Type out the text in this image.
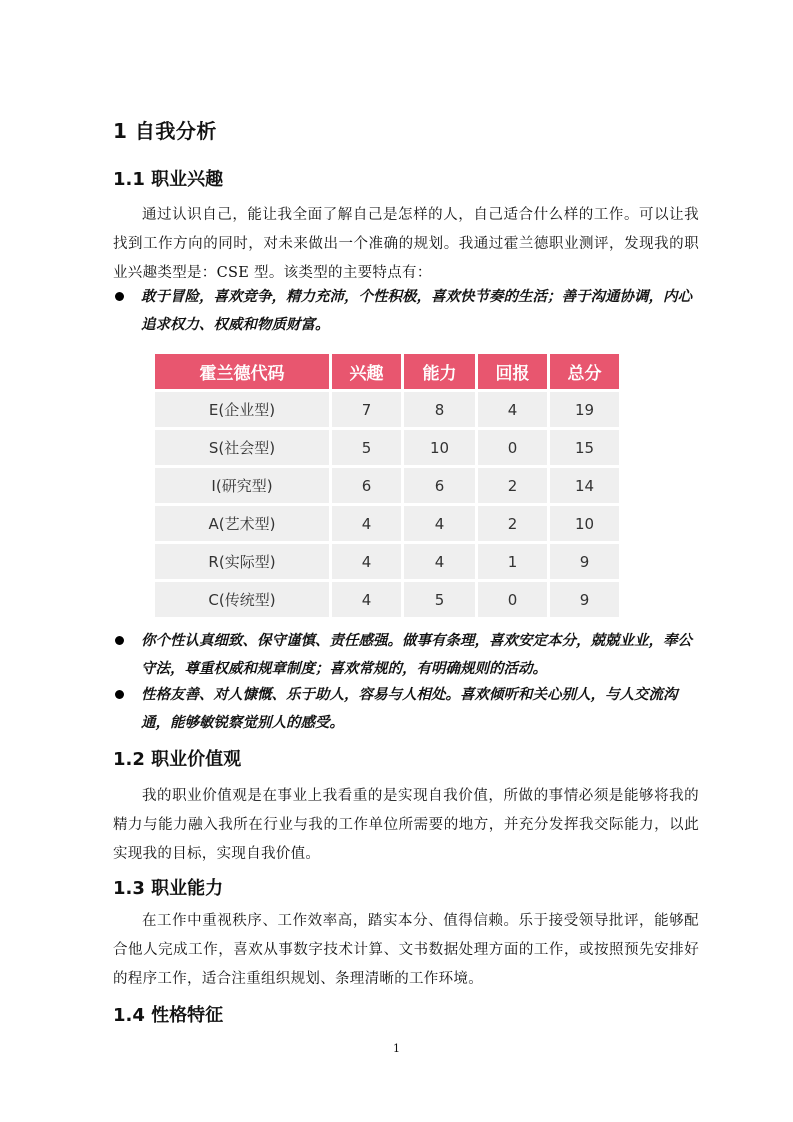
1 自我分析
1.1 职业兴趣
通过认识自己，能让我全面了解自己是怎样的人，自己适合什么样的工作。可以让我找到工作方向的同时，对未来做出一个准确的规划。我通过霍兰德职业测评，发现我的职业兴趣类型是：CSE 型。该类型的主要特点有：
敢于冒险，喜欢竞争，精力充沛，个性积极，喜欢快节奏的生活；善于沟通协调，内心追求权力、权威和物质财富。
霍兰德代码	兴趣	能力	回报	总分
E(企业型)	7	8	4	19
S(社会型)	5	10	0	15
I(研究型)	6	6	2	14
A(艺术型)	4	4	2	10
R(实际型)	4	4	1	9
C(传统型)	4	5	0	9
你个性认真细致、保守谨慎、责任感强。做事有条理，喜欢安定本分，兢兢业业，奉公守法，尊重权威和规章制度；喜欢常规的，有明确规则的活动。
性格友善、对人慷慨、乐于助人，容易与人相处。喜欢倾听和关心别人，与人交流沟通，能够敏锐察觉别人的感受。
1.2 职业价值观
我的职业价值观是在事业上我看重的是实现自我价值，所做的事情必须是能够将我的精力与能力融入我所在行业与我的工作单位所需要的地方，并充分发挥我交际能力，以此实现我的目标，实现自我价值。
1.3 职业能力
在工作中重视秩序、工作效率高，踏实本分、值得信赖。乐于接受领导批评，能够配合他人完成工作，喜欢从事数字技术计算、文书数据处理方面的工作，或按照预先安排好的程序工作，适合注重组织规划、条理清晰的工作环境。
1.4 性格特征
1
